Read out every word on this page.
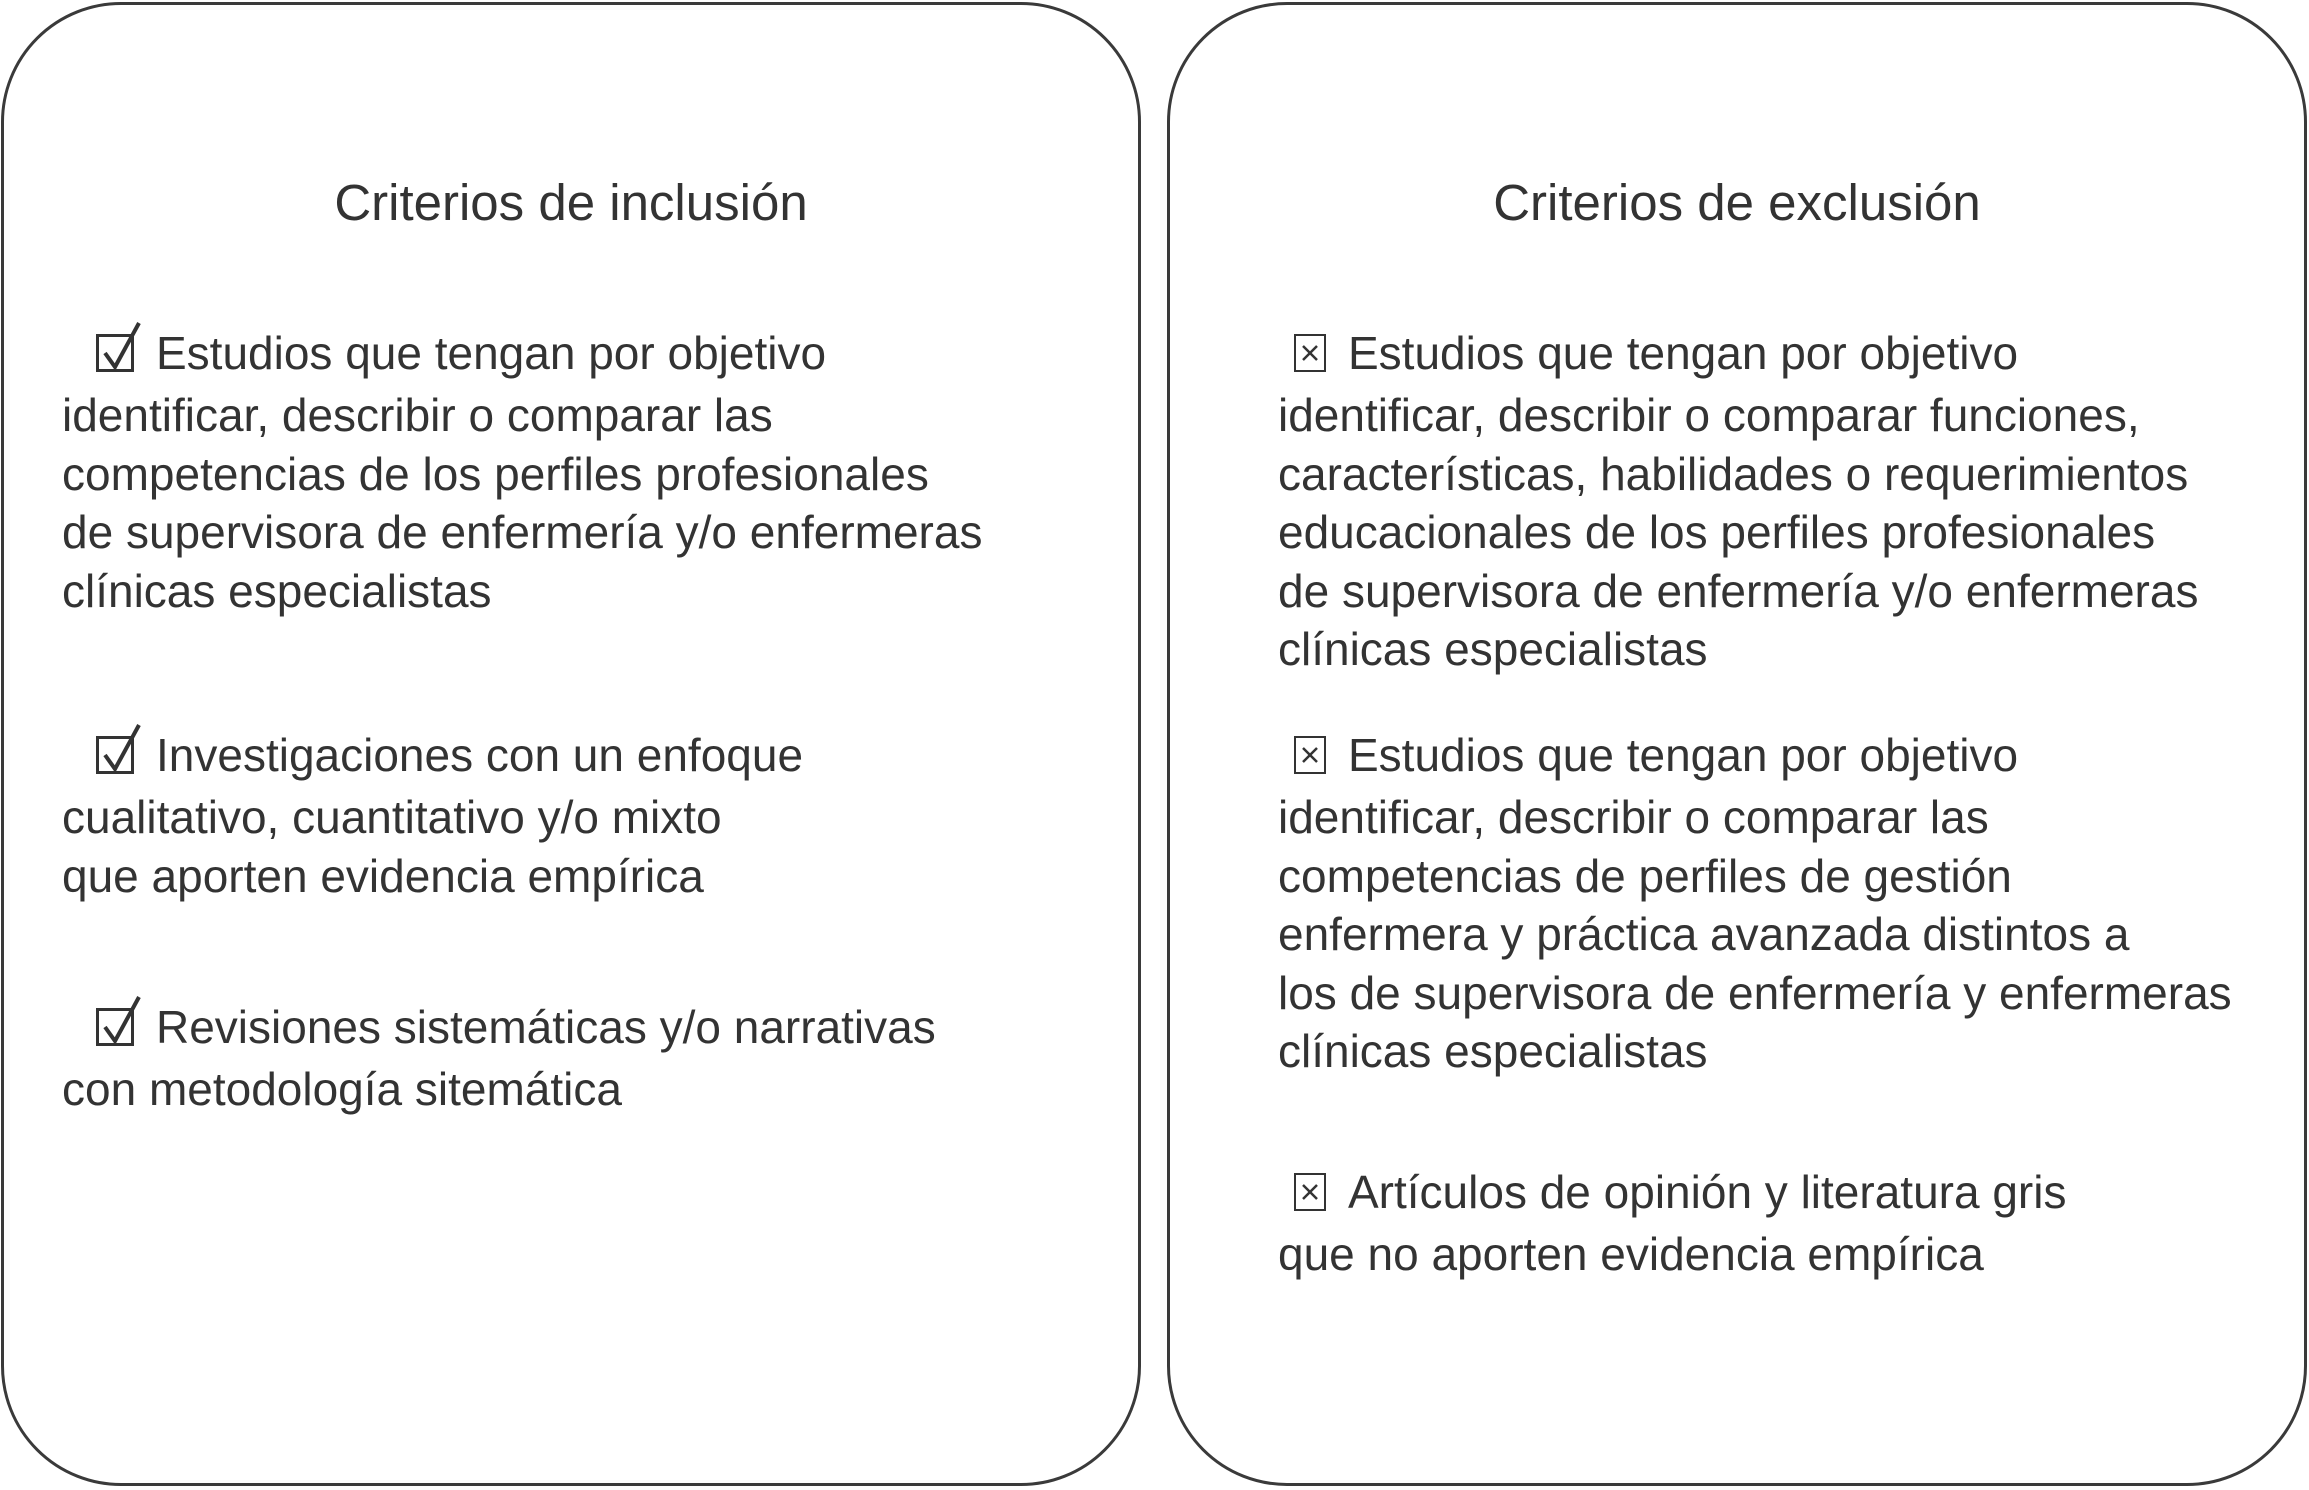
Criterios de inclusión
Estudios que tengan por objetivo
identificar, describir o comparar las
competencias de los perfiles profesionales
de supervisora de enfermería y/o enfermeras
clínicas especialistas
Investigaciones con un enfoque
cualitativo, cuantitativo y/o mixto
que aporten evidencia empírica
Revisiones sistemáticas y/o narrativas
con metodología sitemática
Criterios de exclusión
Estudios que tengan por objetivo
identificar, describir o comparar funciones,
características, habilidades o requerimientos
educacionales de los perfiles profesionales
de supervisora de enfermería y/o enfermeras
clínicas especialistas
Estudios que tengan por objetivo
identificar, describir o comparar las
competencias de perfiles de gestión
enfermera y práctica avanzada distintos a
los de supervisora de enfermería y enfermeras
clínicas especialistas
Artículos de opinión y literatura gris
que no aporten evidencia empírica
